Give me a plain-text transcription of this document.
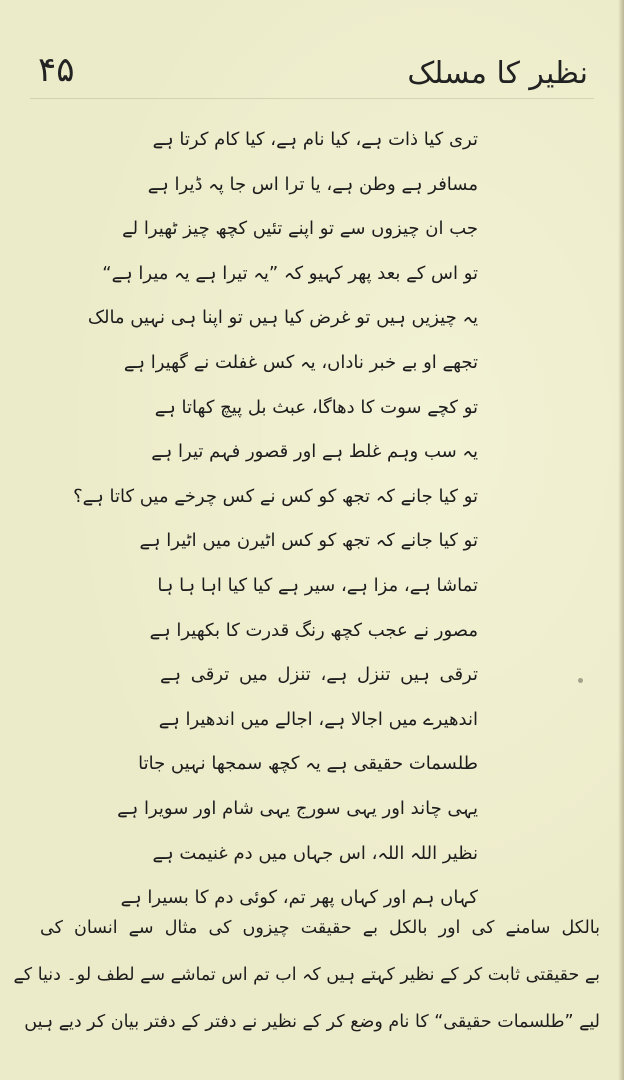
۴۵	نظیر کا مسلک
تری کیا ذات ہے، کیا نام ہے، کیا کام کرتا ہے
مسافر ہے وطن ہے، یا ترا اس جا پہ ڈیرا ہے
جب ان چیزوں سے تو اپنے تئیں کچھ چیز ٹھیرا لے
تو اس کے بعد پھر کہیو کہ ”یہ تیرا ہے یہ میرا ہے“
یہ چیزیں ہیں تو غرض کیا ہیں تو اپنا ہی نہیں مالک
تجھے او بے خبر ناداں، یہ کس غفلت نے گھیرا ہے
تو کچے سوت کا دھاگا، عبث بل پیچ کھاتا ہے
یہ سب وہم غلط ہے اور قصور فہم تیرا ہے
تو کیا جانے کہ تجھ کو کس نے کس چرخے میں کاتا ہے؟
تو کیا جانے کہ تجھ کو کس اٹیرن میں اٹیرا ہے
تماشا ہے، مزا ہے، سیر ہے کیا کیا اہا ہا ہا
مصور نے عجب کچھ رنگ قدرت کا بکھیرا ہے
ترقی ہیں تنزل ہے، تنزل میں ترقی ہے
اندھیرے میں اجالا ہے، اجالے میں اندھیرا ہے
طلسمات حقیقی ہے یہ کچھ سمجھا نہیں جاتا
یہی چاند اور یہی سورج یہی شام اور سویرا ہے
نظیر اللہ اللہ، اس جہاں میں دم غنیمت ہے
کہاں ہم اور کہاں پھر تم، کوئی دم کا بسیرا ہے
بالکل سامنے کی اور بالکل بے حقیقت چیزوں کی مثال سے انسان کی
بے حقیقتی ثابت کر کے نظیر کہتے ہیں کہ اب تم اس تماشے سے لطف لو۔ دنیا کے
لیے ”طلسمات حقیقی“ کا نام وضع کر کے نظیر نے دفتر کے دفتر بیان کر دیے ہیں
